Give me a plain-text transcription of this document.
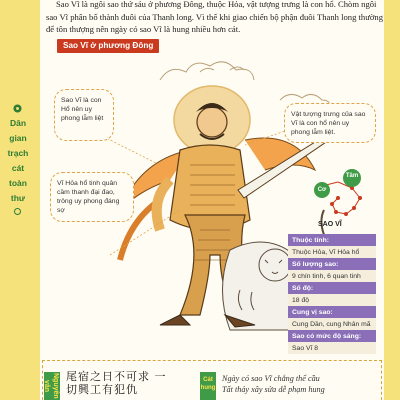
Dân
gian
trạch
cát
toàn
thư

Sao Vĩ là ngôi sao thứ sáu ở phương Đông, thuộc Hỏa, vật tượng trưng là con hổ. Chòm ngôi sao Vĩ phân bố thành đuôi của Thanh long. Vì thế khi giao chiến bộ phận đuôi Thanh long thường để tôn thượng nên ngày có sao Vĩ là hung nhiều hơn cát.

Sao Vĩ ở phương Đông
Sao Vĩ là con Hổ nên uy phong lẫm liệt
Vật tượng trưng của sao Vĩ là con hổ nên uy phong lẫm liệt.
Vĩ Hỏa hổ tinh quân cầm thanh đại đao, trông uy phong đáng sợ
Tâm
Cơ
SAO VĨ
Thuộc tính:
Thuộc Hỏa, Vĩ Hỏa hổ
Số lượng sao:
9 chín tinh, 6 quan tinh
Số độ:
18 độ
Cung vị sao:
Cung Dần, cung Nhân mã
Sao có mức độ sáng:
Sao Vĩ 8
Nguyên văn
尾宿之日不可求 一切興工有犯仇
Cát hung
Ngày có sao Vĩ chẳng thể cầu
Tất thảy xây sửa dễ phạm hung
